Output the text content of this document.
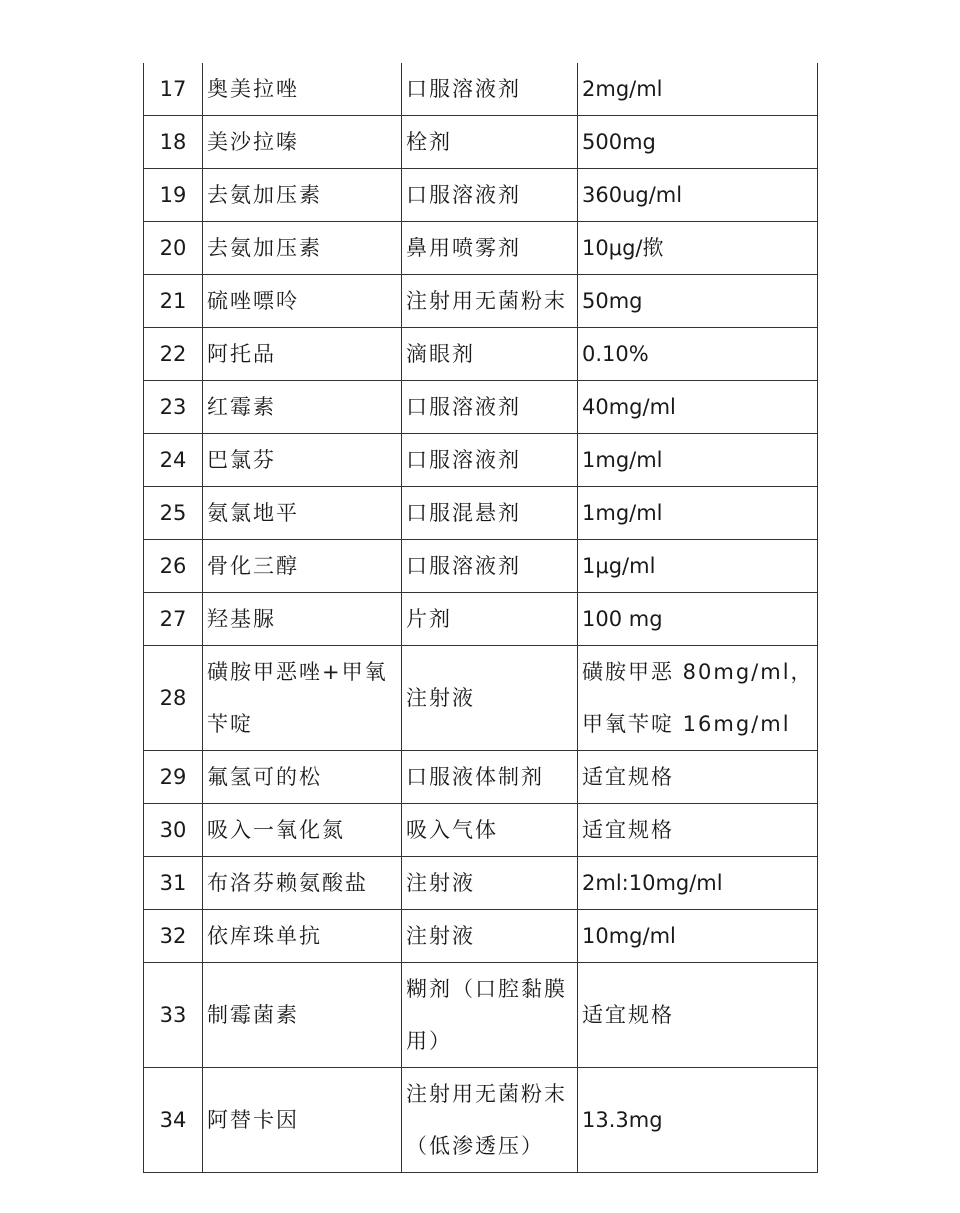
17	奥美拉唑	口服溶液剂	2mg/ml
18	美沙拉嗪	栓剂	500mg
19	去氨加压素	口服溶液剂	360ug/ml
20	去氨加压素	鼻用喷雾剂	10μg/揿
21	硫唑嘌呤	注射用无菌粉末	50mg
22	阿托品	滴眼剂	0.10%
23	红霉素	口服溶液剂	40mg/ml
24	巴氯芬	口服溶液剂	1mg/ml
25	氨氯地平	口服混悬剂	1mg/ml
26	骨化三醇	口服溶液剂	1μg/ml
27	羟基脲	片剂	100 mg
28	磺胺甲恶唑+甲氧苄啶	注射液	磺胺甲恶 80mg/ml，甲氧苄啶 16mg/ml
29	氟氢可的松	口服液体制剂	适宜规格
30	吸入一氧化氮	吸入气体	适宜规格
31	布洛芬赖氨酸盐	注射液	2ml:10mg/ml
32	依库珠单抗	注射液	10mg/ml
33	制霉菌素	糊剂（口腔黏膜用）	适宜规格
34	阿替卡因	注射用无菌粉末（低渗透压）	13.3mg
